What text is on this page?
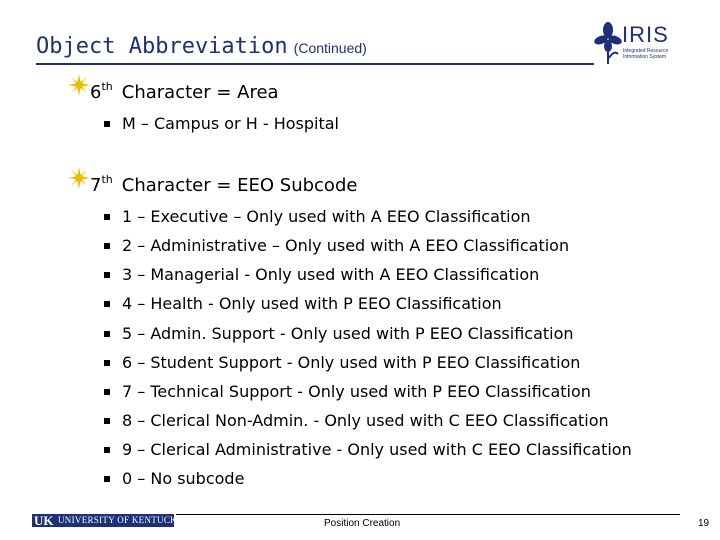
Object Abbreviation (Continued)
IRIS
Integrated Resource Information System
6 th Character = Area
M – Campus or H - Hospital
7 th Character = EEO Subcode
1 – Executive – Only used with A EEO Classification
2 – Administrative – Only used with A EEO Classification
3 – Managerial - Only used with A EEO Classification
4 – Health - Only used with P EEO Classification
5 – Admin. Support - Only used with P EEO Classification
6 – Student Support - Only used with P EEO Classification
7 – Technical Support - Only used with P EEO Classification
8 – Clerical Non-Admin. - Only used with C EEO Classification
9 – Clerical Administrative - Only used with C EEO Classification
0 – No subcode
UK UNIVERSITY OF KENTUCKY	Position Creation	19
